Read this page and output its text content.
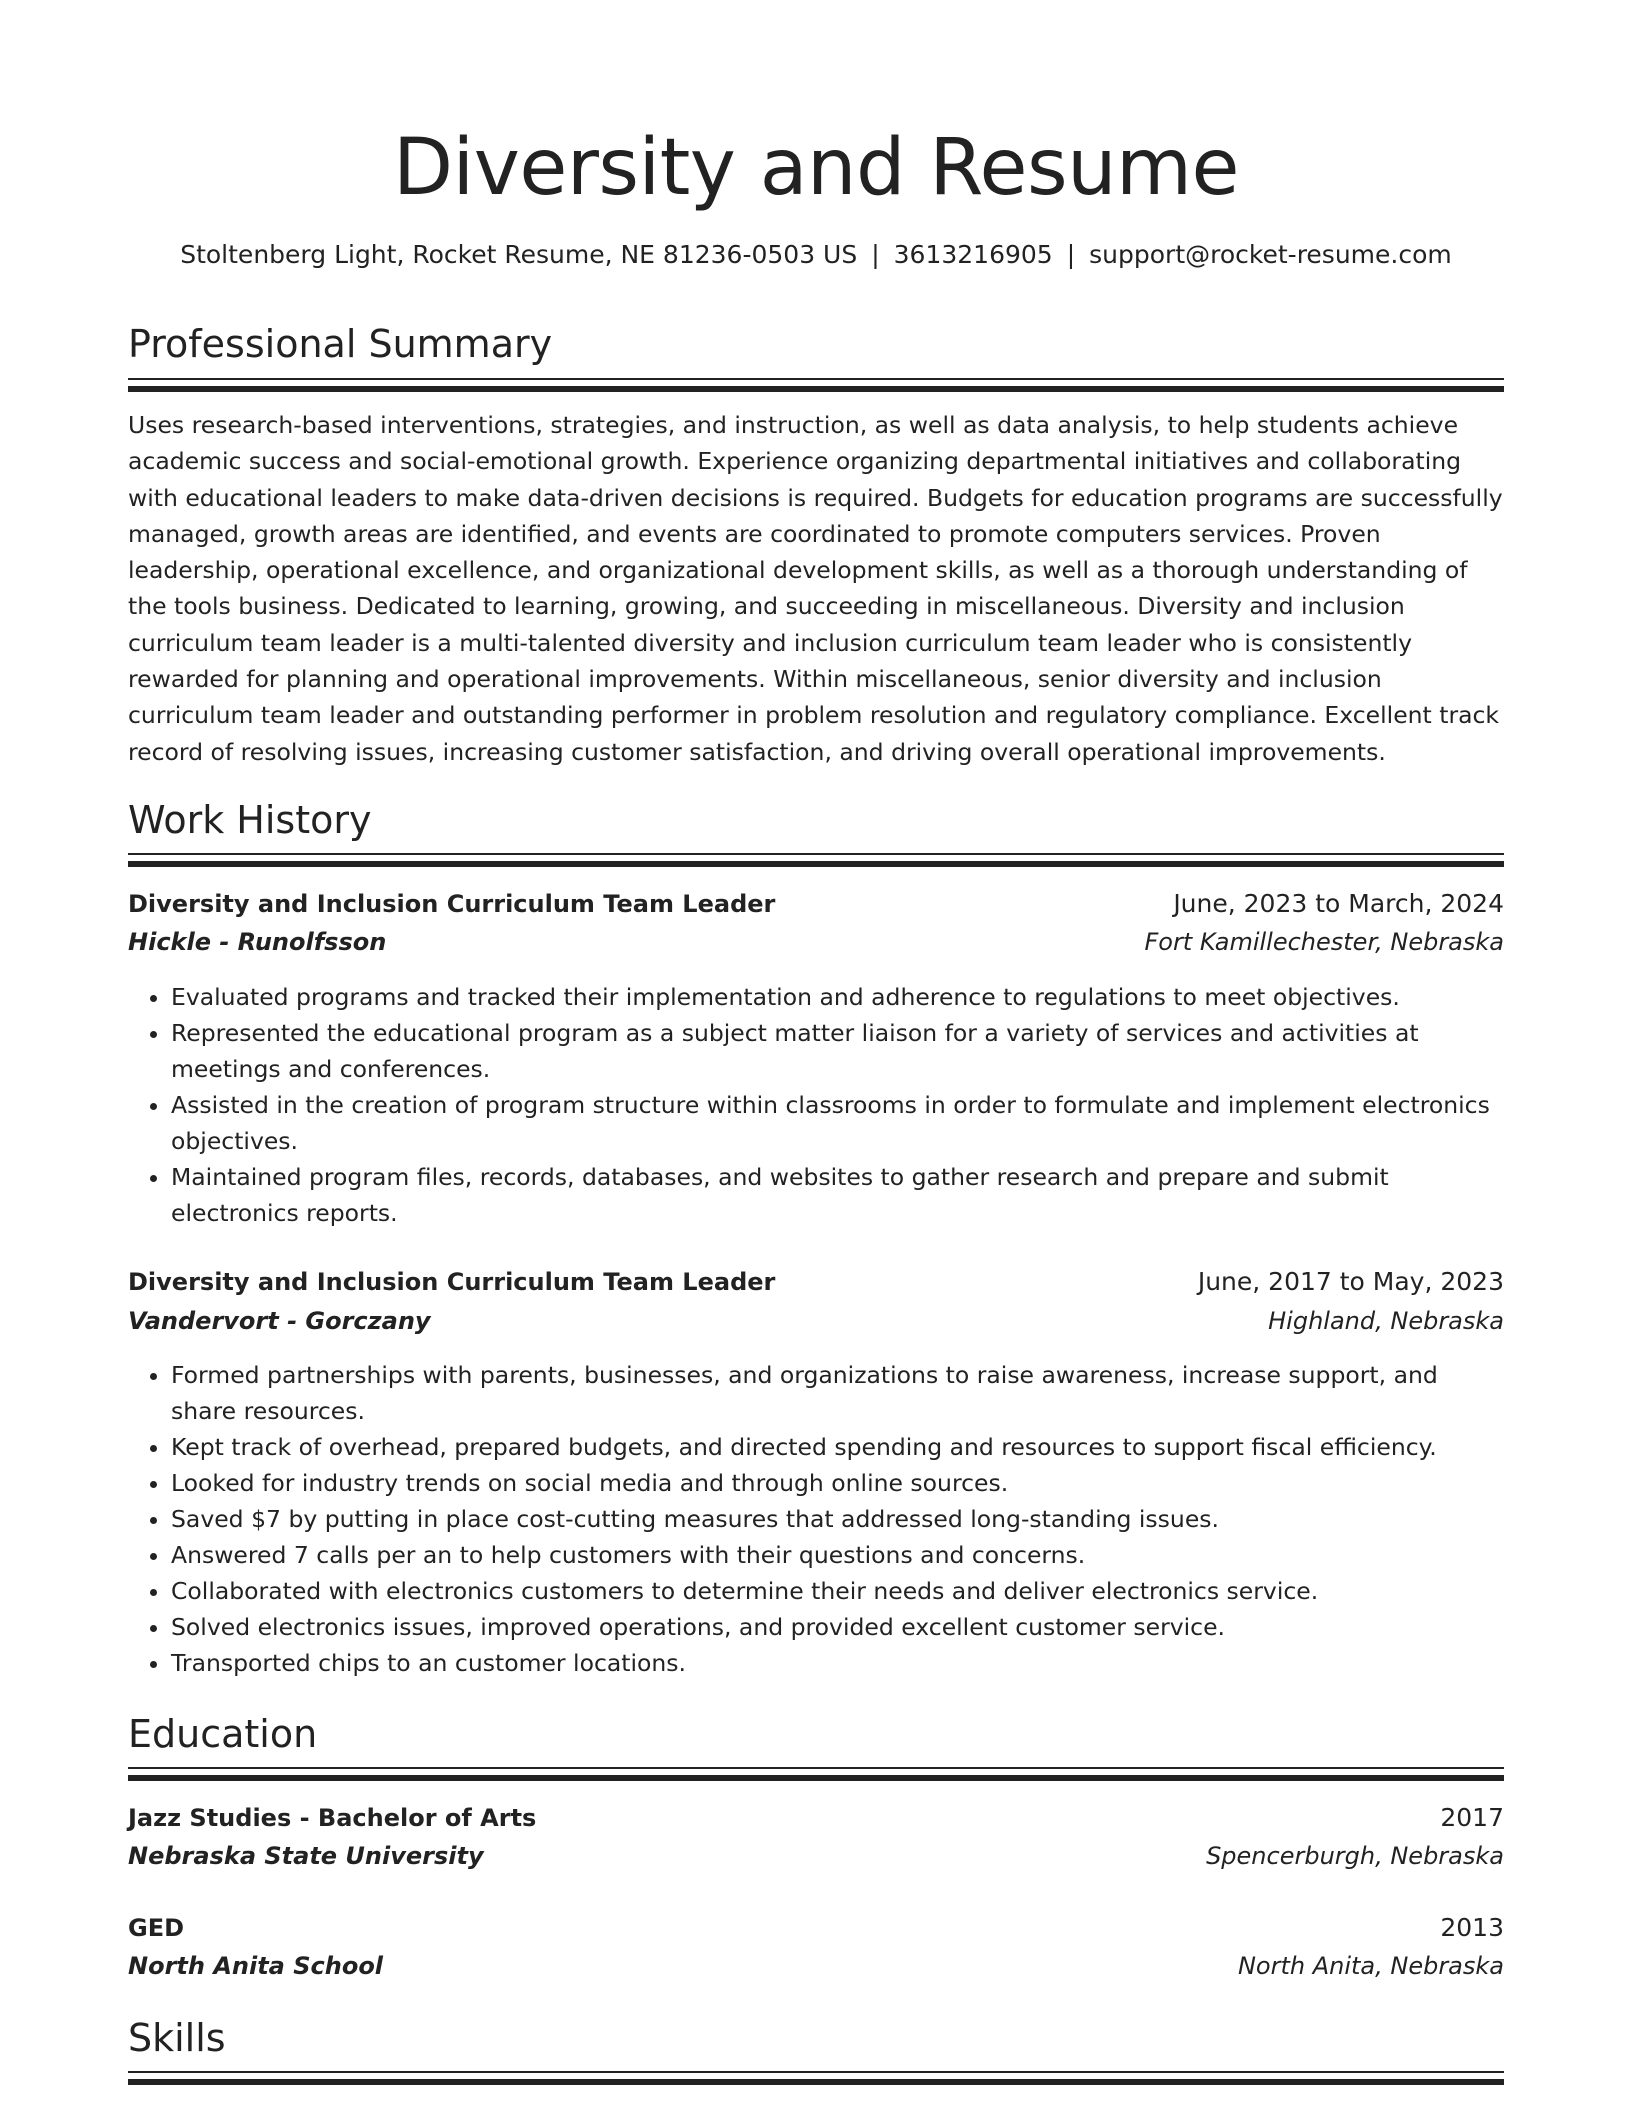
Diversity and Resume
Stoltenberg Light, Rocket Resume, NE 81236-0503 US | 3613216905 | support@rocket-resume.com
Professional Summary

Uses research-based interventions, strategies, and instruction, as well as data analysis, to help students achieve academic success and social-emotional growth. Experience organizing departmental initiatives and collaborating with educational leaders to make data-driven decisions is required. Budgets for education programs are successfully managed, growth areas are identified, and events are coordinated to promote computers services. Proven leadership, operational excellence, and organizational development skills, as well as a thorough understanding of the tools business. Dedicated to learning, growing, and succeeding in miscellaneous. Diversity and inclusion curriculum team leader is a multi-talented diversity and inclusion curriculum team leader who is consistently rewarded for planning and operational improvements. Within miscellaneous, senior diversity and inclusion curriculum team leader and outstanding performer in problem resolution and regulatory compliance. Excellent track record of resolving issues, increasing customer satisfaction, and driving overall operational improvements.

Work History
Diversity and Inclusion Curriculum Team Leader	June, 2023 to March, 2024
Hickle - Runolfsson	Fort Kamillechester, Nebraska
• Evaluated programs and tracked their implementation and adherence to regulations to meet objectives.
• Represented the educational program as a subject matter liaison for a variety of services and activities at meetings and conferences.
• Assisted in the creation of program structure within classrooms in order to formulate and implement electronics objectives.
• Maintained program files, records, databases, and websites to gather research and prepare and submit electronics reports.
Diversity and Inclusion Curriculum Team Leader	June, 2017 to May, 2023
Vandervort - Gorczany	Highland, Nebraska
• Formed partnerships with parents, businesses, and organizations to raise awareness, increase support, and share resources.
• Kept track of overhead, prepared budgets, and directed spending and resources to support fiscal efficiency.
• Looked for industry trends on social media and through online sources.
• Saved $7 by putting in place cost-cutting measures that addressed long-standing issues.
• Answered 7 calls per an to help customers with their questions and concerns.
• Collaborated with electronics customers to determine their needs and deliver electronics service.
• Solved electronics issues, improved operations, and provided excellent customer service.
• Transported chips to an customer locations.
Education
Jazz Studies - Bachelor of Arts	2017
Nebraska State University	Spencerburgh, Nebraska
GED	2013
North Anita School	North Anita, Nebraska
Skills
